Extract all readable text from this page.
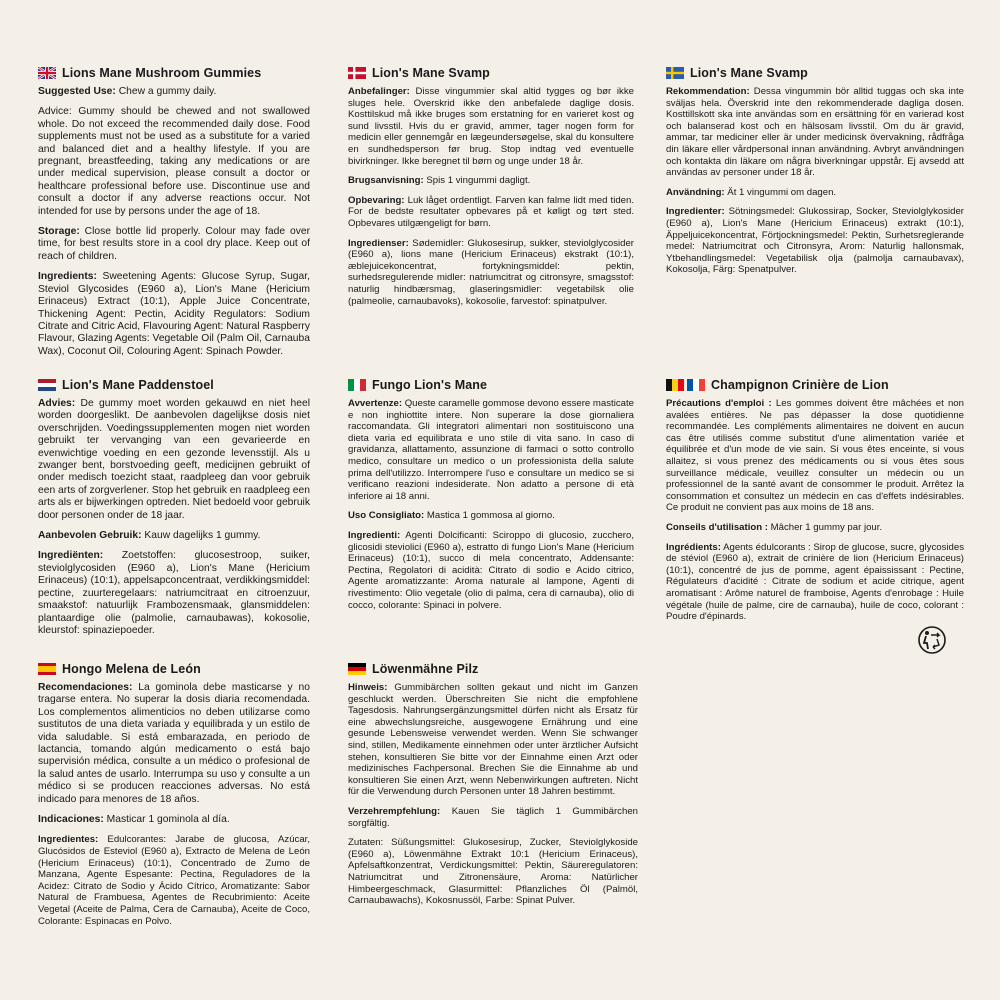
Lions Mane Mushroom Gummies

Suggested Use: Chew a gummy daily.

Advice: Gummy should be chewed and not swallowed whole. Do not exceed the recommended daily dose. Food supplements must not be used as a substitute for a varied and balanced diet and a healthy lifestyle. If you are pregnant, breastfeeding, taking any medications or are under medical supervision, please consult a doctor or healthcare professional before use. Discontinue use and consult a doctor if any adverse reactions occur. Not intended for use by persons under the age of 18.

Storage: Close bottle lid properly. Colour may fade over time, for best results store in a cool dry place. Keep out of reach of children.

Ingredients: Sweetening Agents: Glucose Syrup, Sugar, Steviol Glycosides (E960 a), Lion's Mane (Hericium Erinaceus) Extract (10:1), Apple Juice Concentrate, Thickening Agent: Pectin, Acidity Regulators: Sodium Citrate and Citric Acid, Flavouring Agent: Natural Raspberry Flavour, Glazing Agents: Vegetable Oil (Palm Oil, Carnauba Wax), Coconut Oil, Colouring Agent: Spinach Powder.

Lion's Mane Svamp

Anbefalinger: Disse vingummier skal altid tygges og bør ikke sluges hele. Overskrid ikke den anbefalede daglige dosis. Kosttilskud må ikke bruges som erstatning for en varieret kost og sund livsstil. Hvis du er gravid, ammer, tager nogen form for medicin eller gennemgår en lægeundersøgelse, skal du konsultere en sundhedsperson før brug. Stop indtag ved eventuelle bivirkninger. Ikke beregnet til børn og unge under 18 år.

Brugsanvisning: Spis 1 vingummi dagligt.

Opbevaring: Luk låget ordentligt. Farven kan falme lidt med tiden. For de bedste resultater opbevares på et køligt og tørt sted. Opbevares utilgængeligt for børn.

Ingredienser: Sødemidler: Glukosesirup, sukker, steviolglycosider (E960 a), lions mane (Hericium Erinaceus) ekstrakt (10:1), æblejuicekoncentrat, fortykningsmiddel: pektin, surhedsregulerende midler: natriumcitrat og citronsyre, smagsstof: naturlig hindbærsmag, glaseringsmidler: vegetabilsk olie (palmeolie, carnaubavoks), kokosolie, farvestof: spinatpulver.

Lion's Mane Svamp

Rekommendation: Dessa vingummin bör alltid tuggas och ska inte sväljas hela. Överskrid inte den rekommenderade dagliga dosen. Kosttillskott ska inte användas som en ersättning för en varierad kost och balanserad kost och en hälsosam livsstil. Om du är gravid, ammar, tar mediciner eller är under medicinsk övervakning, rådfråga din läkare eller vårdpersonal innan användning. Avbryt användningen och kontakta din läkare om några biverkningar uppstår. Ej avsedd att användas av personer under 18 år.

Användning: Ät 1 vingummi om dagen.

Ingredienter: Sötningsmedel: Glukossirap, Socker, Steviolglykosider (E960 a), Lion's Mane (Hericium Erinaceus) extrakt (10:1), Äppeljuicekoncentrat, Förtjockningsmedel: Pektin, Surhetsreglerande medel: Natriumcitrat och Citronsyra, Arom: Naturlig hallonsmak, Ytbehandlingsmedel: Vegetabilisk olja (palmolja carnaubavax), Kokosolja, Färg: Spenatpulver.

Lion's Mane Paddenstoel

Advies: De gummy moet worden gekauwd en niet heel worden doorgeslikt. De aanbevolen dagelijkse dosis niet overschrijden. Voedingssupplementen mogen niet worden gebruikt ter vervanging van een gevarieerde en evenwichtige voeding en een gezonde levensstijl. Als u zwanger bent, borstvoeding geeft, medicijnen gebruikt of onder medisch toezicht staat, raadpleeg dan voor gebruik een arts of zorgverlener. Stop het gebruik en raadpleeg een arts als er bijwerkingen optreden. Niet bedoeld voor gebruik door personen onder de 18 jaar.

Aanbevolen Gebruik: Kauw dagelijks 1 gummy.

Ingrediënten: Zoetstoffen: glucosestroop, suiker, steviolglycosiden (E960 a), Lion's Mane (Hericium Erinaceus) (10:1), appelsapconcentraat, verdikkingsmiddel: pectine, zuurteregelaars: natriumcitraat en citroenzuur, smaakstof: natuurlijk Frambozensmaak, glansmiddelen: plantaardige olie (palmolie, carnaubawas), kokosolie, kleurstof: spinaziepoeder.

Fungo Lion's Mane

Avvertenze: Queste caramelle gommose devono essere masticate e non inghiottite intere. Non superare la dose giornaliera raccomandata. Gli integratori alimentari non sostituiscono una dieta varia ed equilibrata e uno stile di vita sano. In caso di gravidanza, allattamento, assunzione di farmaci o sotto controllo medico, consultare un medico o un professionista della salute prima dell'utilizzo. Interrompere l'uso e consultare un medico se si verificano reazioni indesiderate. Non adatto a persone di età inferiore ai 18 anni.

Uso Consigliato: Mastica 1 gommosa al giorno.

Ingredienti: Agenti Dolcificanti: Sciroppo di glucosio, zucchero, glicosidi steviolici (E960 a), estratto di fungo Lion's Mane (Hericium Erinaceus) (10:1), succo di mela concentrato, Addensante: Pectina, Regolatori di acidità: Citrato di sodio e Acido citrico, Agente aromatizzante: Aroma naturale al lampone, Agenti di rivestimento: Olio vegetale (olio di palma, cera di carnauba), olio di cocco, colorante: Spinaci in polvere.

Champignon Crinière de Lion

Précautions d'emploi : Les gommes doivent être mâchées et non avalées entières. Ne pas dépasser la dose quotidienne recommandée. Les compléments alimentaires ne doivent en aucun cas être utilisés comme substitut d'une alimentation variée et équilibrée et d'un mode de vie sain. Si vous êtes enceinte, si vous allaitez, si vous prenez des médicaments ou si vous êtes sous surveillance médicale, veuillez consulter un médecin ou un professionnel de la santé avant de consommer le produit. Arrêtez la consommation et consultez un médecin en cas d'effets indésirables. Ce produit ne convient pas aux moins de 18 ans.

Conseils d'utilisation : Mâcher 1 gummy par jour.

Ingrédients: Agents édulcorants : Sirop de glucose, sucre, glycosides de stéviol (E960 a), extrait de crinière de lion (Hericium Erinaceus) (10:1), concentré de jus de pomme, agent épaississant : Pectine, Régulateurs d'acidité : Citrate de sodium et acide citrique, agent aromatisant : Arôme naturel de framboise, Agents d'enrobage : Huile végétale (huile de palme, cire de carnauba), huile de coco, colorant : Poudre d'épinards.

Hongo Melena de León

Recomendaciones: La gominola debe masticarse y no tragarse entera. No superar la dosis diaria recomendada. Los complementos alimenticios no deben utilizarse como sustitutos de una dieta variada y equilibrada y un estilo de vida saludable. Si está embarazada, en periodo de lactancia, tomando algún medicamento o está bajo supervisión médica, consulte a un médico o profesional de la salud antes de usarlo. Interrumpa su uso y consulte a un médico si se producen reacciones adversas. No está indicado para menores de 18 años.

Indicaciones: Masticar 1 gominola al día.

Ingredientes: Edulcorantes: Jarabe de glucosa, Azúcar, Glucósidos de Esteviol (E960 a), Extracto de Melena de León (Hericium Erinaceus) (10:1), Concentrado de Zumo de Manzana, Agente Espesante: Pectina, Reguladores de la Acidez: Citrato de Sodio y Ácido Cítrico, Aromatizante: Sabor Natural de Frambuesa, Agentes de Recubrimiento: Aceite Vegetal (Aceite de Palma, Cera de Carnauba), Aceite de Coco, Colorante: Espinacas en Polvo.

Löwenmähne Pilz

Hinweis: Gummibärchen sollten gekaut und nicht im Ganzen geschluckt werden. Überschreiten Sie nicht die empfohlene Tagesdosis. Nahrungsergänzungsmittel dürfen nicht als Ersatz für eine abwechslungsreiche, ausgewogene Ernährung und eine gesunde Lebensweise verwendet werden. Wenn Sie schwanger sind, stillen, Medikamente einnehmen oder unter ärztlicher Aufsicht stehen, konsultieren Sie bitte vor der Einnahme einen Arzt oder medizinisches Fachpersonal. Brechen Sie die Einnahme ab und konsultieren Sie einen Arzt, wenn Nebenwirkungen auftreten. Nicht für die Verwendung durch Personen unter 18 Jahren bestimmt.

Verzehrempfehlung: Kauen Sie täglich 1 Gummibärchen sorgfältig.

Zutaten: Süßungsmittel: Glukosesirup, Zucker, Steviolglykoside (E960 a), Löwenmähne Extrakt 10:1 (Hericium Erinaceus), Apfelsaftkonzentrat, Verdickungsmittel: Pektin, Säureregulatoren: Natriumcitrat und Zitronensäure, Aroma: Natürlicher Himbeergeschmack, Glasurmittel: Pflanzliches Öl (Palmöl, Carnaubawachs), Kokosnussöl, Farbe: Spinat Pulver.
